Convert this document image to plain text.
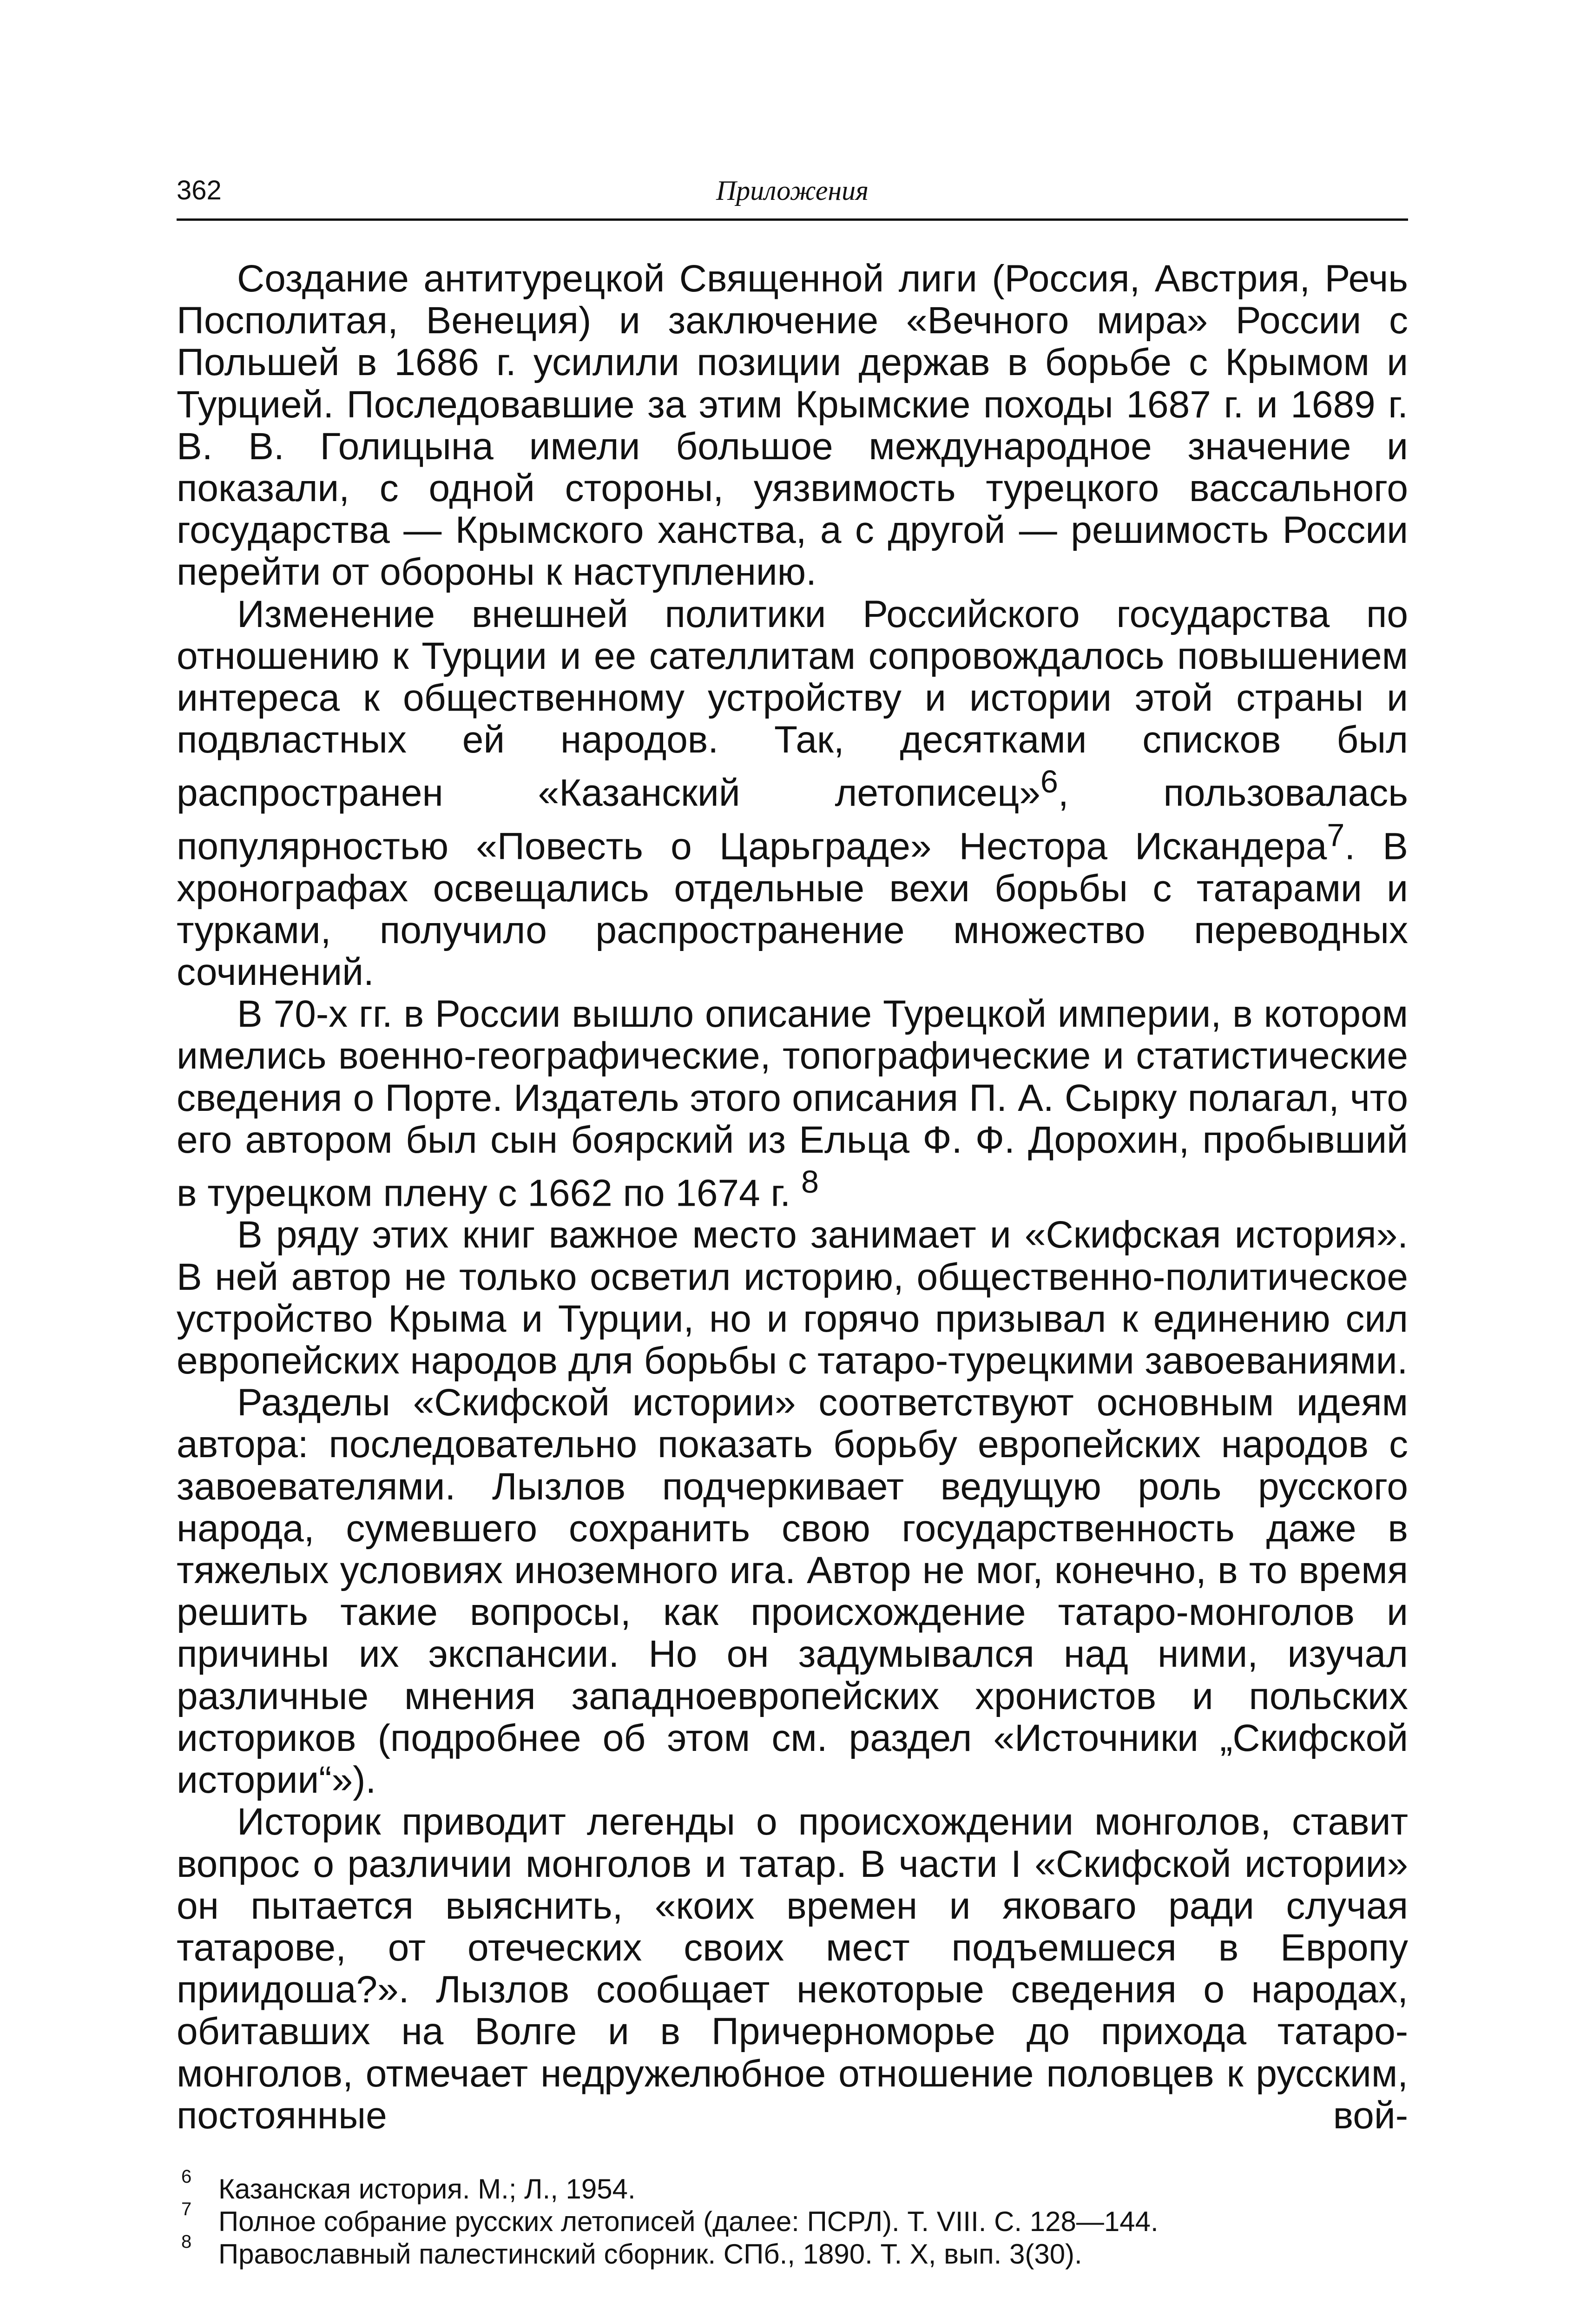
362	Приложения

Создание антитурецкой Священной лиги (Россия, Австрия, Речь Посполитая, Венеция) и заключение «Вечного мира» России с Польшей в 1686 г. усилили позиции держав в борьбе с Крымом и Турцией. Последовавшие за этим Крымские походы 1687 г. и 1689 г. В. В. Голицына имели большое международное значение и показали, с одной стороны, уязвимость турецкого вассального государства — Крымского ханства, а с другой — решимость России перейти от обороны к наступлению.

Изменение внешней политики Российского государства по отношению к Турции и ее сателлитам сопровождалось повышением интереса к общественному устройству и истории этой страны и подвластных ей народов. Так, десятками списков был распространен «Казанский летописец»$^6$, пользовалась популярностью «Повесть о Царьграде» Нестора Искандера$^7$. В хронографах освещались отдельные вехи борьбы с татарами и турками, получило распространение множество переводных сочинений.

В 70-х гг. в России вышло описание Турецкой империи, в котором имелись военно-географические, топографические и статистические сведения о Порте. Издатель этого описания П. А. Сырку полагал, что его автором был сын боярский из Ельца Ф. Ф. Дорохин, пробывший в турецком плену с 1662 по 1674 г. $^8$

В ряду этих книг важное место занимает и «Скифская история». В ней автор не только осветил историю, общественно-политическое устройство Крыма и Турции, но и горячо призывал к единению сил европейских народов для борьбы с татаро-турецкими завоеваниями.

Разделы «Скифской истории» соответствуют основным идеям автора: последовательно показать борьбу европейских народов с завоевателями. Лызлов подчеркивает ведущую роль русского народа, сумевшего сохранить свою государственность даже в тяжелых условиях иноземного ига. Автор не мог, конечно, в то время решить такие вопросы, как происхождение татаро-монголов и причины их экспансии. Но он задумывался над ними, изучал различные мнения западноевропейских хронистов и польских историков (подробнее об этом см. раздел «Источники „Скифской истории“»).

Историк приводит легенды о происхождении монголов, ставит вопрос о различии монголов и татар. В части I «Скифской истории» он пытается выяснить, «коих времен и яковаго ради случая татарове, от отеческих своих мест подъемшеся в Европу приидоша?». Лызлов сообщает некоторые сведения о народах, обитавших на Волге и в Причерноморье до прихода татаро-монголов, отмечает недружелюбное отношение половцев к русским, постоянные вой-

6 Казанская история. М.; Л., 1954.
7 Полное собрание русских летописей (далее: ПСРЛ). Т. VIII. С. 128—144.
8 Православный палестинский сборник. СПб., 1890. Т. X, вып. 3(30).
